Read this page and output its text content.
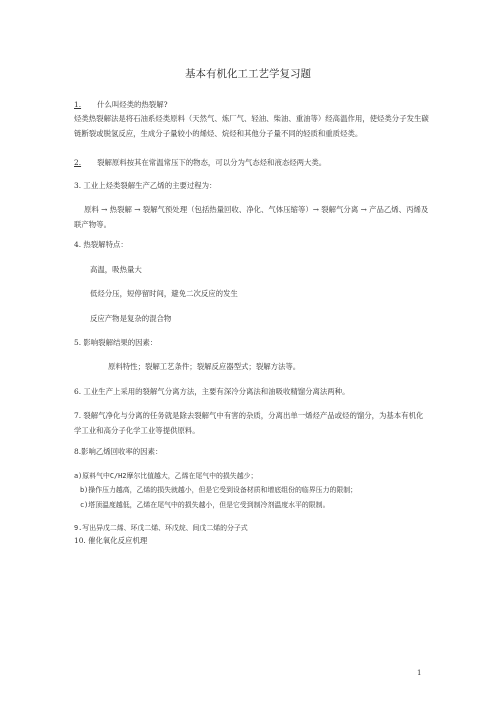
基本有机化工工艺学复习题
1. 什么叫烃类的热裂解?
烃类热裂解法是将石油系烃类原料（天然气、炼厂气、轻油、柴油、重油等）经高温作用，使烃类分子发生碳链断裂或脱氢反应，生成分子量较小的烯烃、烷烃和其他分子量不同的轻质和重质烃类。
2. 裂解原料按其在常温常压下的物态，可以分为气态烃和液态烃两大类。
3. 工业上烃类裂解生产乙烯的主要过程为：
原料 → 热裂解 → 裂解气预处理（包括热量回收、净化、气体压缩等）→ 裂解气分离 → 产品乙烯、丙烯及联产物等。
4. 热裂解特点：
高温，吸热量大
低烃分压，短停留时间，避免二次反应的发生
反应产物是复杂的混合物
5. 影响裂解结果的因素：
原料特性；裂解工艺条件；裂解反应器型式；裂解方法等。
6. 工业生产上采用的裂解气分离方法，主要有深冷分离法和油吸收精馏分离法两种。
7. 裂解气净化与分离的任务就是除去裂解气中有害的杂质，分离出单一烯烃产品或烃的馏分，为基本有机化学工业和高分子化学工业等提供原料。
8.影响乙烯回收率的因素：
a)原料气中C/H2摩尔比值越大，乙烯在尾气中的损失越少；
b)操作压力越高，乙烯的损失就越小，但是它受到设备材质和增底组份的临界压力的限制；
c)塔顶温度越低，乙烯在尾气中的损失越小，但是它受到制冷剂温度水平的限制。
9.写出异戊二烯、环戊二烯、环戊烷、间戊二烯的分子式
10. 催化氧化反应机理
1
